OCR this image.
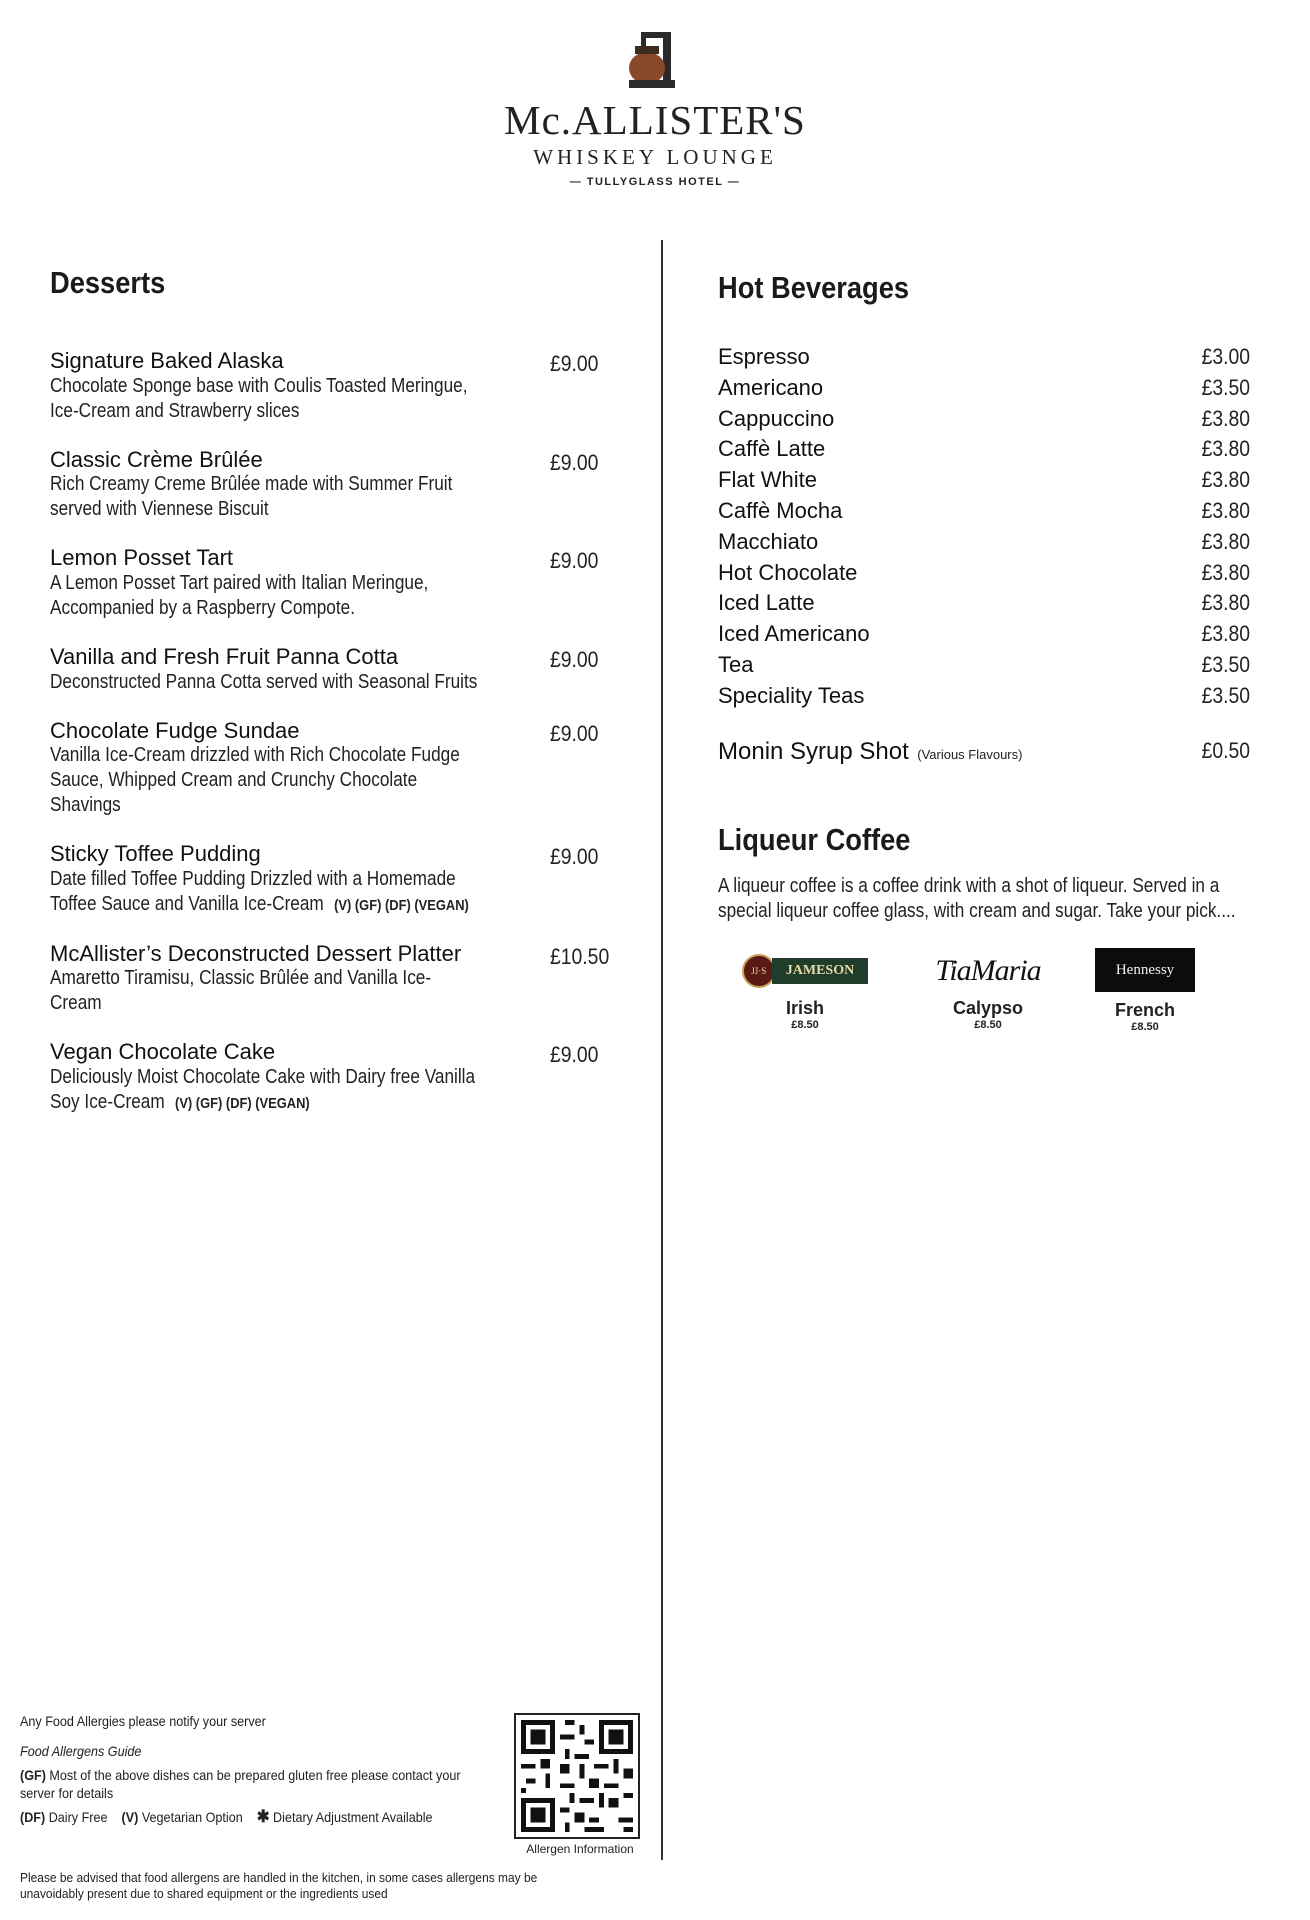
Mc.ALLISTER'S
WHISKEY LOUNGE
— TULLYGLASS HOTEL —
Desserts
Signature Baked Alaska
Chocolate Sponge base with Coulis Toasted Meringue, Ice-Cream and Strawberry slices
£9.00
Classic Crème Brûlée
Rich Creamy Creme Brûlée made with Summer Fruit served with Viennese Biscuit
£9.00
Lemon Posset Tart
A Lemon Posset Tart paired with Italian Meringue, Accompanied by a Raspberry Compote.
£9.00
Vanilla and Fresh Fruit Panna Cotta
Deconstructed Panna Cotta served with Seasonal Fruits
£9.00
Chocolate Fudge Sundae
Vanilla Ice-Cream drizzled with Rich Chocolate Fudge Sauce, Whipped Cream and Crunchy Chocolate Shavings
£9.00
Sticky Toffee Pudding
Date filled Toffee Pudding Drizzled with a Homemade Toffee Sauce and Vanilla Ice-Cream (V) (GF) (DF) (VEGAN)
£9.00
McAllister’s Deconstructed Dessert Platter
Amaretto Tiramisu, Classic Brûlée and Vanilla Ice-Cream
£10.50
Vegan Chocolate Cake
Deliciously Moist Chocolate Cake with Dairy free Vanilla Soy Ice-Cream (V) (GF) (DF) (VEGAN)
£9.00
Hot Beverages
Espresso	£3.00
Americano	£3.50
Cappuccino	£3.80
Caffè Latte	£3.80
Flat White	£3.80
Caffè Mocha	£3.80
Macchiato	£3.80
Hot Chocolate	£3.80
Iced Latte	£3.80
Iced Americano	£3.80
Tea	£3.50
Speciality Teas	£3.50
Monin Syrup Shot (Various Flavours)	£0.50
Liqueur Coffee

A liqueur coffee is a coffee drink with a shot of liqueur. Served in a special liqueur coffee glass, with cream and sugar. Take your pick....

JJ·S	JAMESON
Irish
£8.50
TiaMaria
Calypso
£8.50
Hennessy
French
£8.50

Any Food Allergies please notify your server

Food Allergens Guide

(GF) Most of the above dishes can be prepared gluten free please contact your server for details

(DF) Dairy Free (V) Vegetarian Option ✱ Dietary Adjustment Available

Allergen Information
Please be advised that food allergens are handled in the kitchen, in some cases allergens may be unavoidably present due to shared equipment or the ingredients used
